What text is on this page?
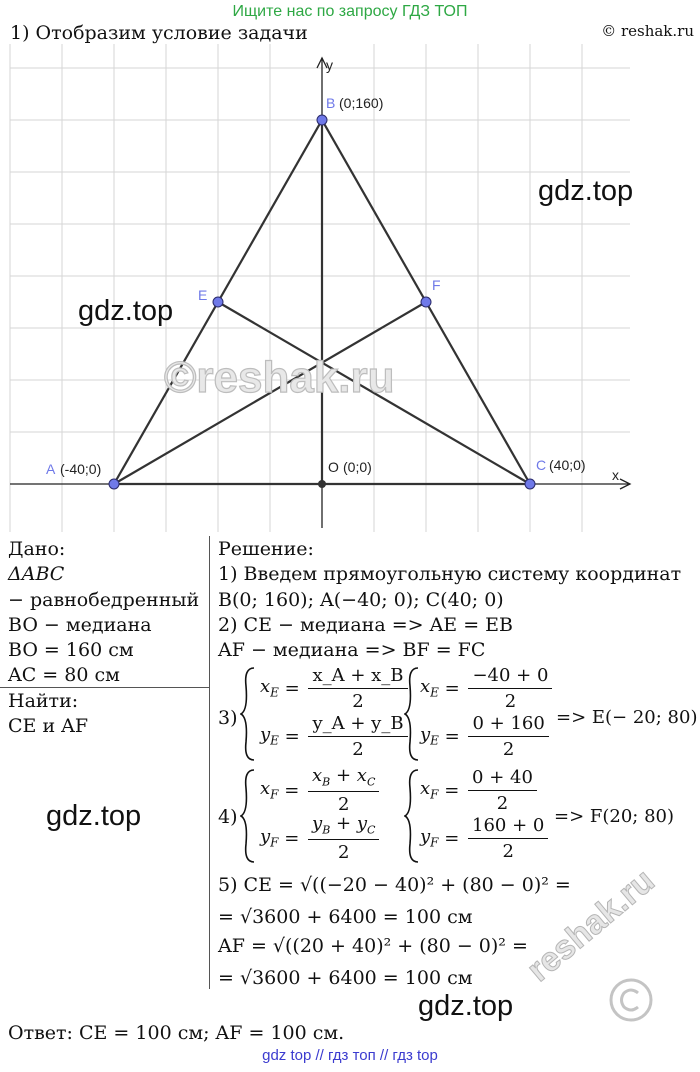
Ищите нас по запросу ГДЗ ТОП
© reshak.ru
1) Отобразим условие задачи
y
x
B (0;160)
A (-40;0)	C (40;0)
O (0;0)
E
F
©reshak.ru
gdz.top
gdz.top
gdz.top
gdz.top
Дано:
ΔABC
− равнобедренный
BO − медиана
BO = 160 см
AC = 80 см
Найти:
CE и AF
Решение:
1) Введем прямоугольную систему координат
B(0; 160); A(−40; 0); C(40; 0)
2) CE − медиана => AE = EB
AF − медиана => BF = FC
3)
$x_E = \frac{x\_A + x\_B}{2}$
$y_E = \frac{y\_A + y\_B}{2}$
$x_E = \frac{-40 + 0}{2}$
$y_E = \frac{0 + 160}{2} => E(- 20$; 80)
4)
$x_F = \frac{x_B + x_C}{2}$
$y_F = \frac{y_B + y_C}{2}$
$x_F = \frac{0 + 40}{2}$
$y_F = \frac{160 + 0}{2} => F(20$; 80)
5) CE = √((−20 − 40)² + (80 − 0)² =
= √3600 + 6400 = 100 см
AF = √((20 + 40)² + (80 − 0)² =
= √3600 + 6400 = 100 см reshak.ru
Ответ: CE = 100 см; AF = 100 см.
gdz top // гдз топ // гдз top
